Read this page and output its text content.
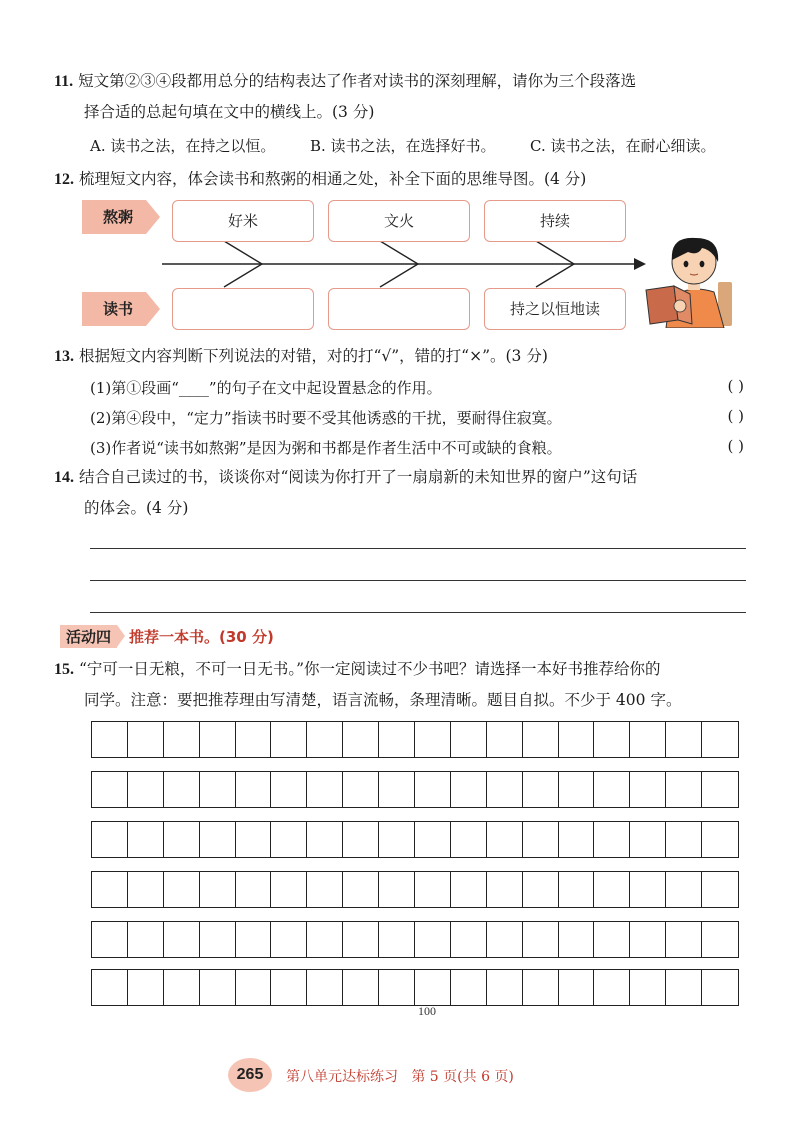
11. 短文第②③④段都用总分的结构表达了作者对读书的深刻理解，请你为三个段落选
择合适的总起句填在文中的横线上。(3 分)
A. 读书之法，在持之以恒。 B. 读书之法，在选择好书。 C. 读书之法，在耐心细读。
12. 梳理短文内容，体会读书和熬粥的相通之处，补全下面的思维导图。(4 分)
熬粥
读书
好米	文火	持续
持之以恒地读
13. 根据短文内容判断下列说法的对错，对的打“√”，错的打“×”。(3 分)
(1)第①段画“____”的句子在文中起设置悬念的作用。	( )
(2)第④段中，“定力”指读书时要不受其他诱惑的干扰，要耐得住寂寞。	( )
(3)作者说“读书如熬粥”是因为粥和书都是作者生活中不可或缺的食粮。	( )
14. 结合自己读过的书，谈谈你对“阅读为你打开了一扇扇新的未知世界的窗户”这句话
的体会。(4 分)
活动四	推荐一本书。(30 分)
15. “宁可一日无粮，不可一日无书。”你一定阅读过不少书吧？请选择一本好书推荐给你的
同学。注意：要把推荐理由写清楚，语言流畅，条理清晰。题目自拟。不少于 400 字。
100
265	第八单元达标练习   第 5 页(共 6 页)
